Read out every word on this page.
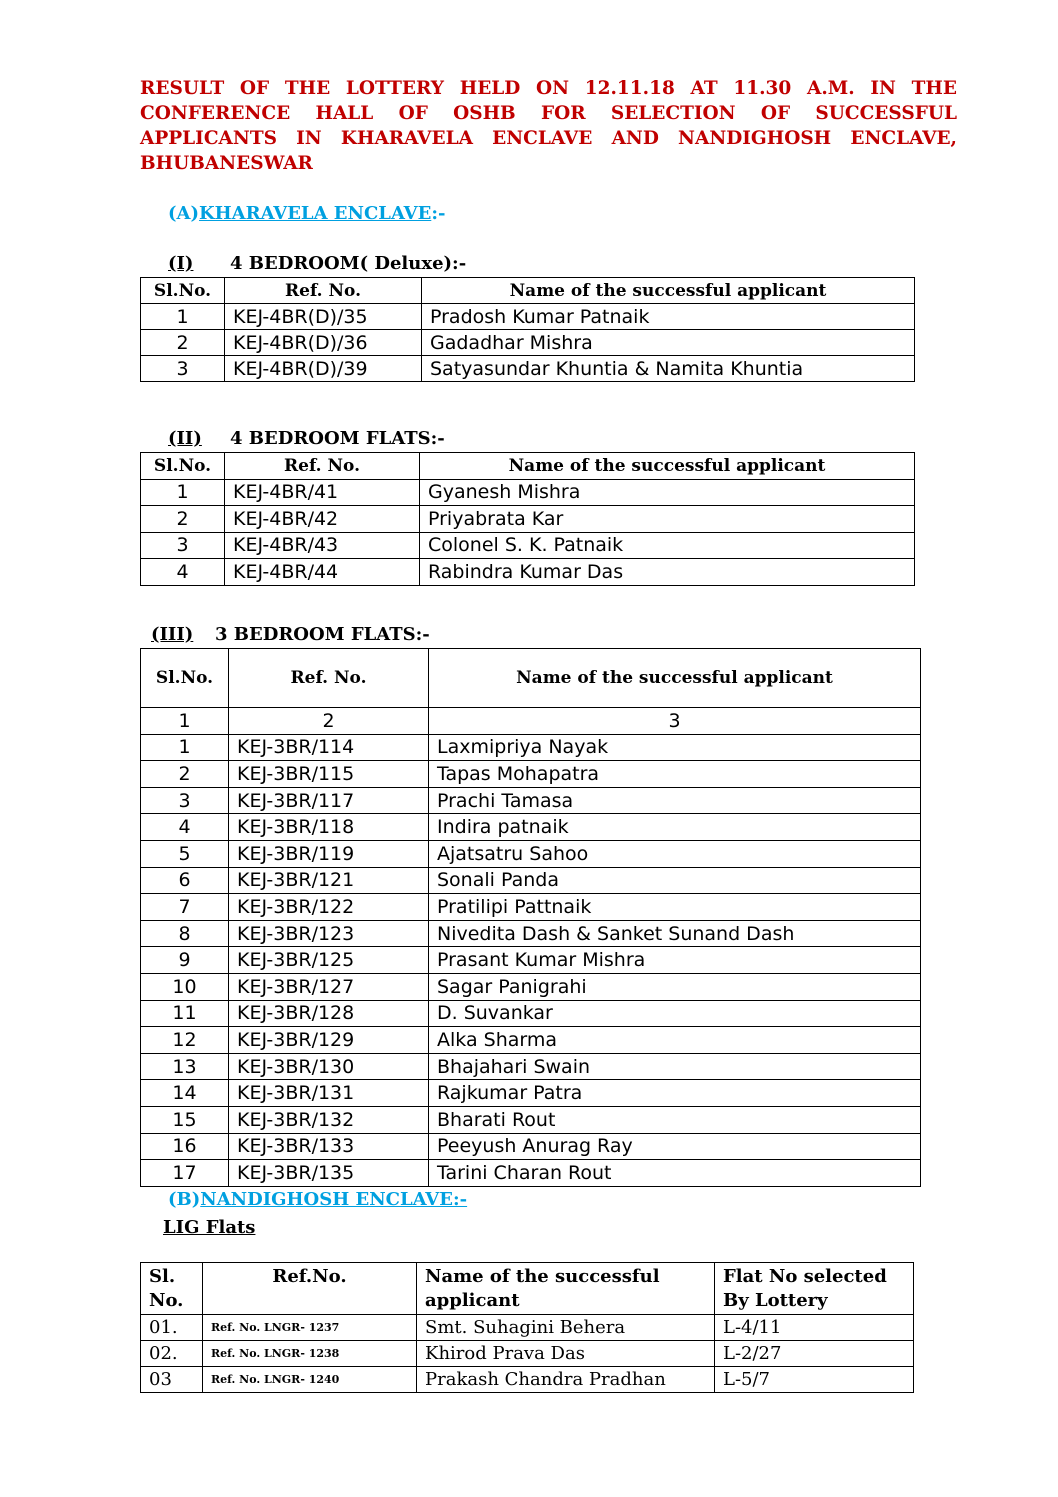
RESULT OF THE LOTTERY HELD ON 12.11.18 AT 11.30 A.M. IN THE CONFERENCE HALL OF OSHB FOR SELECTION OF SUCCESSFUL APPLICANTS IN KHARAVELA ENCLAVE AND NANDIGHOSH ENCLAVE, BHUBANESWAR

(A)KHARAVELA ENCLAVE:-
(I) 4 BEDROOM( Deluxe):-
Sl.No.	Ref. No.	Name of the successful applicant
1	KEJ-4BR(D)/35	Pradosh Kumar Patnaik
2	KEJ-4BR(D)/36	Gadadhar Mishra
3	KEJ-4BR(D)/39	Satyasundar Khuntia & Namita Khuntia
(II) 4 BEDROOM FLATS:-
Sl.No.	Ref. No.	Name of the successful applicant
1	KEJ-4BR/41	Gyanesh Mishra
2	KEJ-4BR/42	Priyabrata Kar
3	KEJ-4BR/43	Colonel S. K. Patnaik
4	KEJ-4BR/44	Rabindra Kumar Das
(III) 3 BEDROOM FLATS:-
Sl.No.	Ref. No.	Name of the successful applicant
1	2	3
1	KEJ-3BR/114	Laxmipriya Nayak
2	KEJ-3BR/115	Tapas Mohapatra
3	KEJ-3BR/117	Prachi Tamasa
4	KEJ-3BR/118	Indira patnaik
5	KEJ-3BR/119	Ajatsatru Sahoo
6	KEJ-3BR/121	Sonali Panda
7	KEJ-3BR/122	Pratilipi Pattnaik
8	KEJ-3BR/123	Nivedita Dash & Sanket Sunand Dash
9	KEJ-3BR/125	Prasant Kumar Mishra
10	KEJ-3BR/127	Sagar Panigrahi
11	KEJ-3BR/128	D. Suvankar
12	KEJ-3BR/129	Alka Sharma
13	KEJ-3BR/130	Bhajahari Swain
14	KEJ-3BR/131	Rajkumar Patra
15	KEJ-3BR/132	Bharati Rout
16	KEJ-3BR/133	Peeyush Anurag Ray
17	KEJ-3BR/135	Tarini Charan Rout
(B)NANDIGHOSH ENCLAVE:-
LIG Flats
Sl. No.	Ref.No.	Name of the successful applicant	Flat No selected By Lottery
01.	Ref. No. LNGR- 1237	Smt. Suhagini Behera	L-4/11
02.	Ref. No. LNGR- 1238	Khirod Prava Das	L-2/27
03	Ref. No. LNGR- 1240	Prakash Chandra Pradhan	L-5/7
